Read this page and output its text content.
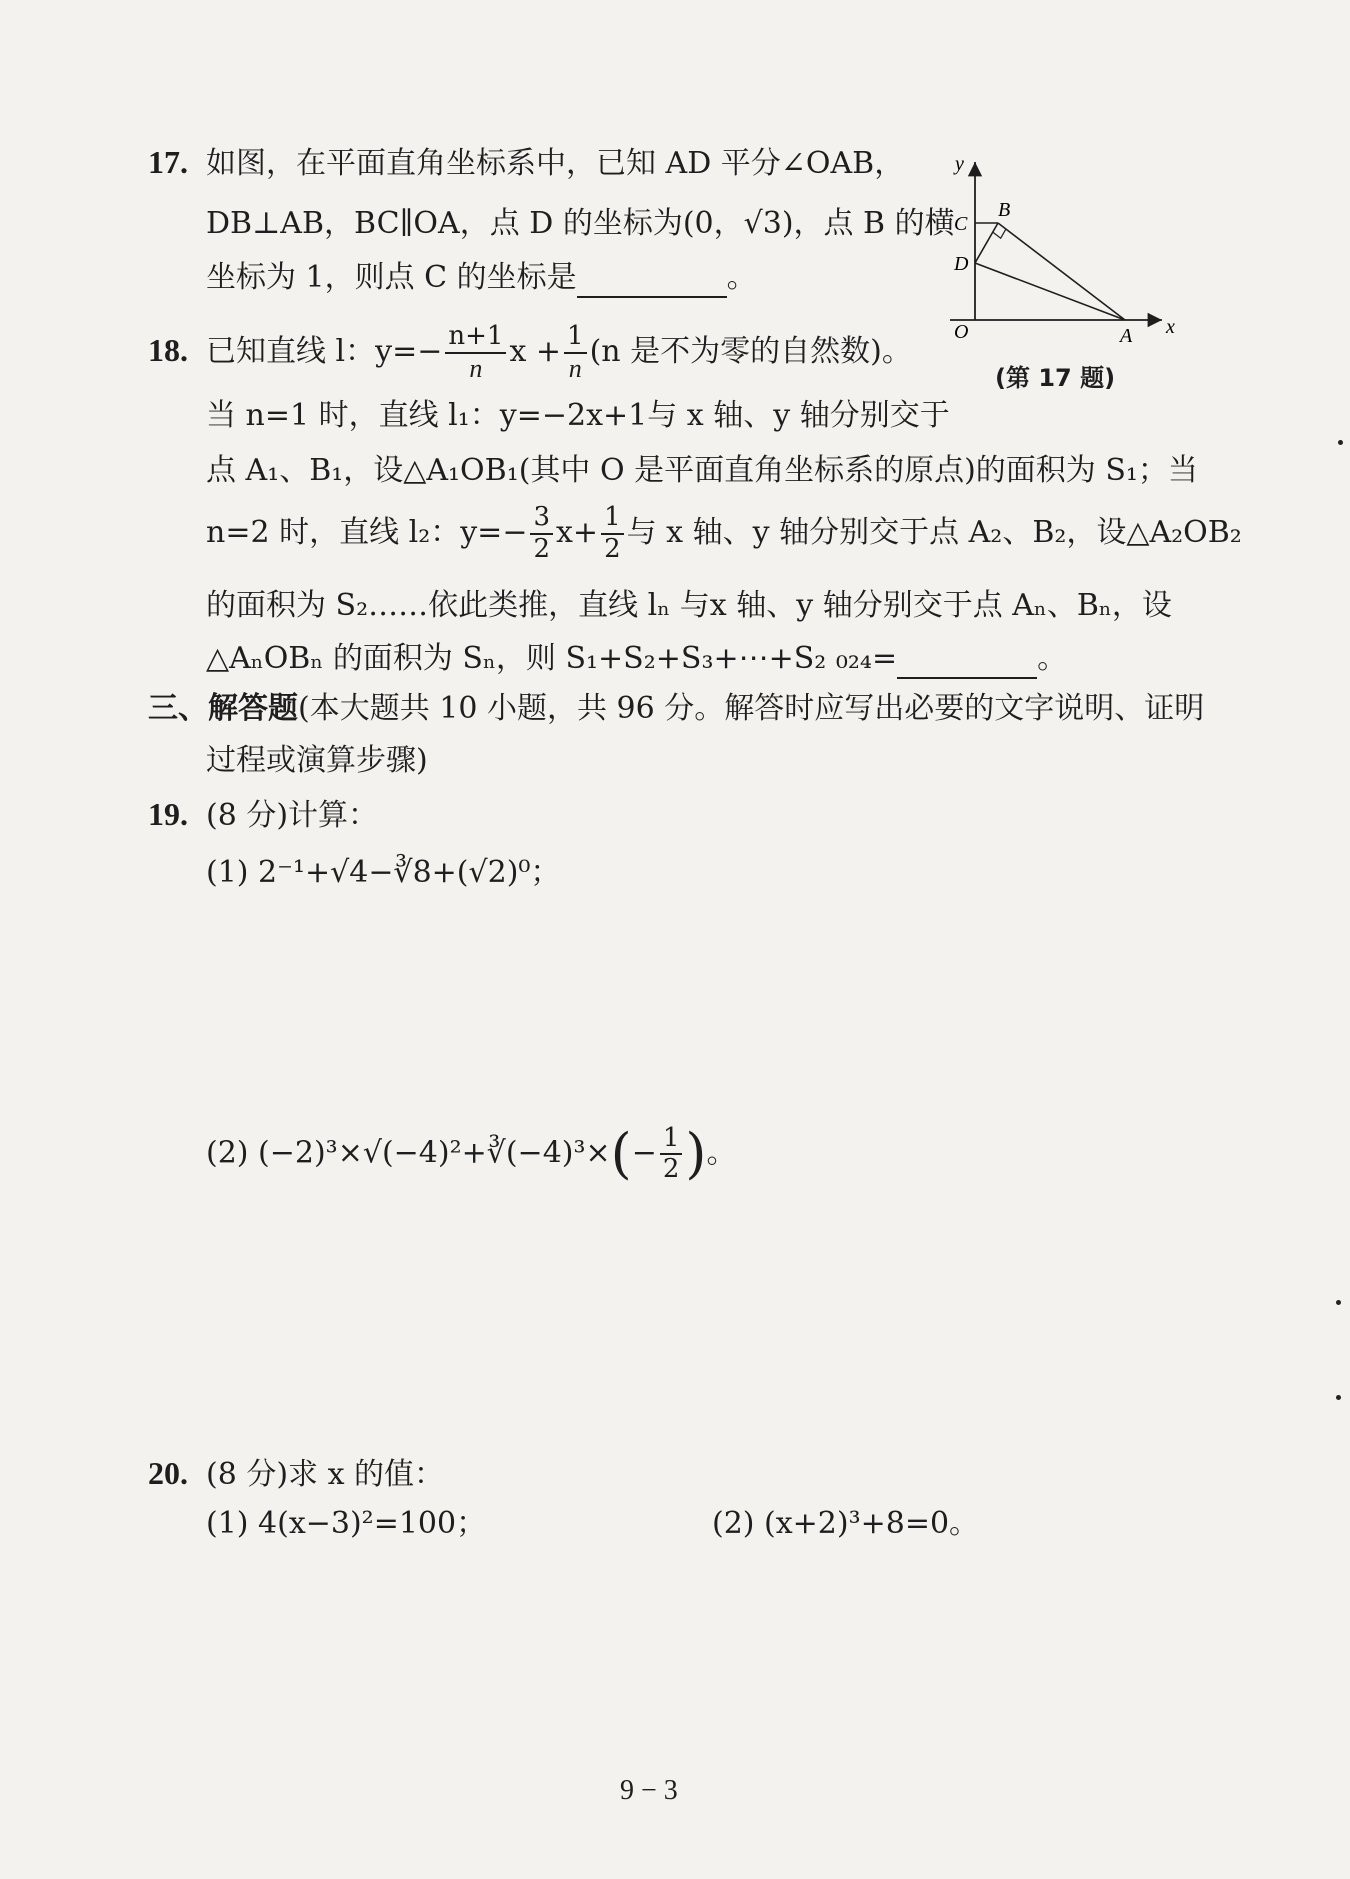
17. 如图，在平面直角坐标系中，已知 AD 平分∠OAB，
DB⊥AB，BC∥OA，点 D 的坐标为(0，√3)，点 B 的横
坐标为 1，则点 C 的坐标是	。
y
x
C
B
D
O	A
(第 17 题)
18. 已知直线 l：$y=- \frac{n+1}{n}$ $x + \frac{1}{n} (n$ 是不为零的自然数)。
当 n=1 时，直线 l₁：y=−2x+1与 x 轴、y 轴分别交于
点 A₁、B₁，设△A₁OB₁(其中 O 是平面直角坐标系的原点)的面积为 S₁；当
n=2 时，直线 l₂：$y=- \frac{3}{2} x+ \frac{1}{2}$ 与 x 轴、y 轴分别交于点 A₂、B₂，设△A₂OB₂
的面积为 S₂……依此类推，直线 lₙ 与x 轴、y 轴分别交于点 Aₙ、Bₙ，设
△AₙOBₙ 的面积为 Sₙ，则 S₁+S₂+S₃+⋯+S₂ ₀₂₄=	。
三、解答题(本大题共 10 小题，共 96 分。解答时应写出必要的文字说明、证明
过程或演算步骤)
19. (8 分)计算：
(1) 2⁻¹+√4−∛8+(√2)⁰；
(2) (−2)³×√(−4)²+∛(−4)³×(− $\frac{1}{2}$ )。
20. (8 分)求 x 的值：
(1) 4(x−3)²=100；	(2) (x+2)³+8=0。
9 − 3
